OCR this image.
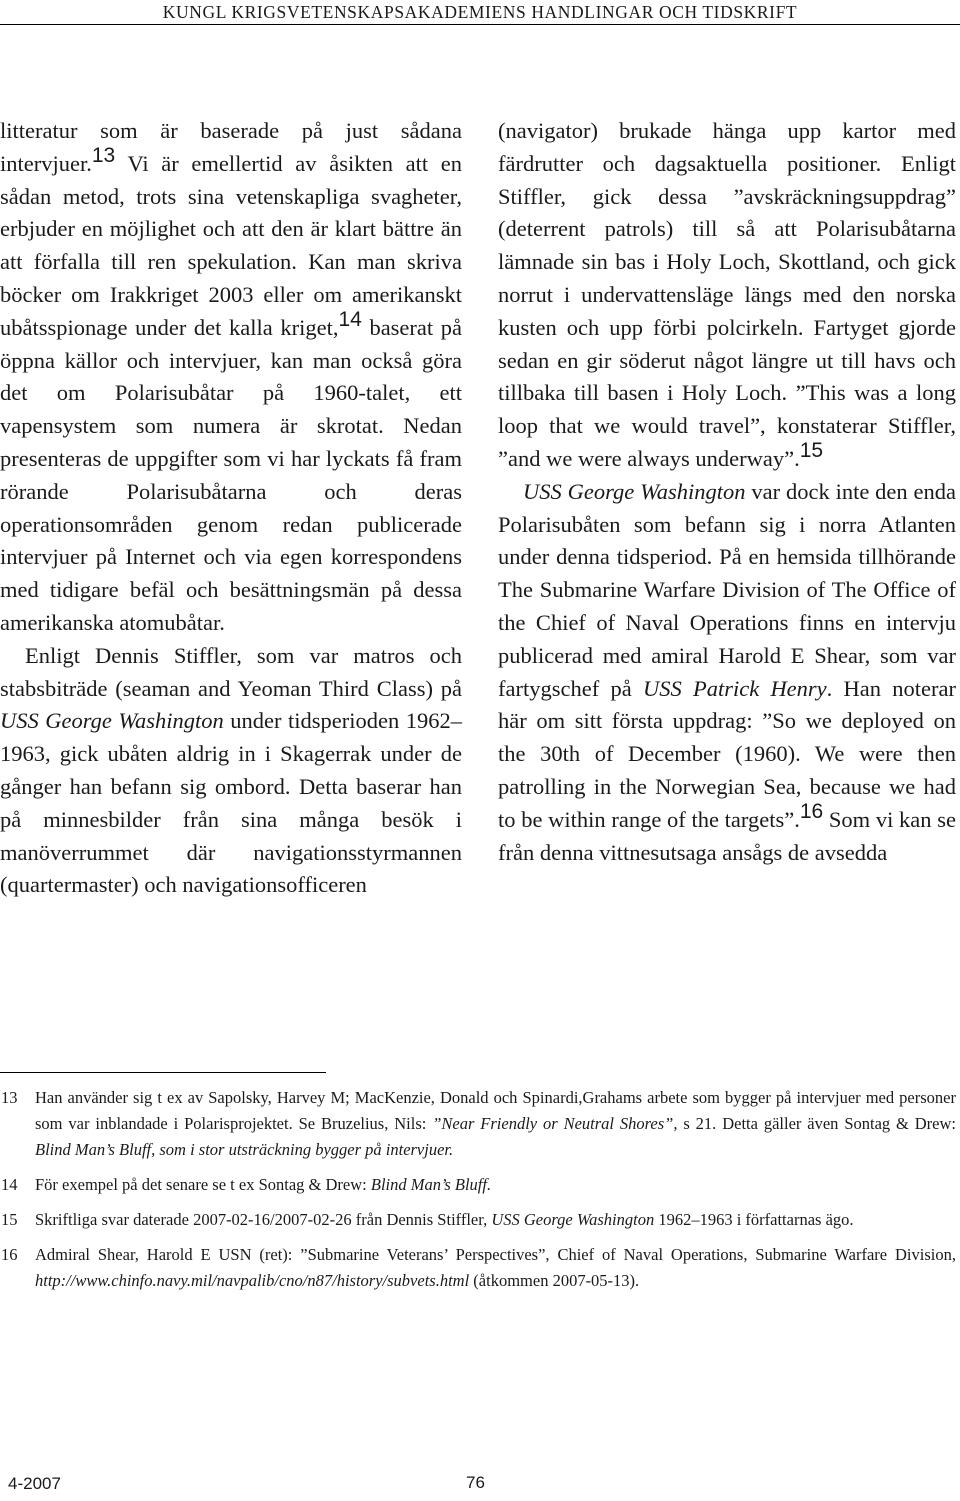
KUNGL KRIGSVETENSKAPSAKADEMIENS HANDLINGAR OCH TIDSKRIFT

litteratur som är baserade på just sådana intervjuer.$^{13}$ Vi är emellertid av åsikten att en sådan metod, trots sina vetenskapliga svagheter, erbjuder en möjlighet och att den är klart bättre än att förfalla till ren spekulation. Kan man skriva böcker om Irakkriget 2003 eller om amerikanskt ubåtsspionage under det kalla kriget,$^{14}$ baserat på öppna källor och intervjuer, kan man också göra det om Polarisubåtar på 1960-talet, ett vapensystem som numera är skrotat. Nedan presenteras de uppgifter som vi har lyckats få fram rörande Polarisubåtarna och deras operationsområden genom redan publicerade intervjuer på Internet och via egen korrespondens med tidigare befäl och besättningsmän på dessa amerikanska atomubåtar.

Enligt Dennis Stiffler, som var matros och stabsbiträde (seaman and Yeoman Third Class) på USS George Washington under tidsperioden 1962–1963, gick ubåten aldrig in i Skagerrak under de gånger han befann sig ombord. Detta baserar han på minnesbilder från sina många besök i manöverrummet där navigationsstyrmannen (quartermaster) och navigationsofficeren

(navigator) brukade hänga upp kartor med färdrutter och dagsaktuella positioner. Enligt Stiffler, gick dessa ”avskräckningsuppdrag” (deterrent patrols) till så att Polarisubåtarna lämnade sin bas i Holy Loch, Skottland, och gick norrut i undervattensläge längs med den norska kusten och upp förbi polcirkeln. Fartyget gjorde sedan en gir söderut något längre ut till havs och tillbaka till basen i Holy Loch. ”This was a long loop that we would travel”, konstaterar Stiffler, ”and we were always underway”.$^{15}$

USS George Washington var dock inte den enda Polarisubåten som befann sig i norra Atlanten under denna tidsperiod. På en hemsida tillhörande The Submarine Warfare Division of The Office of the Chief of Naval Operations finns en intervju publicerad med amiral Harold E Shear, som var fartygschef på USS Patrick Henry. Han noterar här om sitt första uppdrag: ”So we deployed on the 30th of December (1960). We were then patrolling in the Norwegian Sea, because we had to be within range of the targets”.$^{16}$ Som vi kan se från denna vittnesutsaga ansågs de avsedda

13	Han använder sig t ex av Sapolsky, Harvey M; MacKenzie, Donald och Spinardi,Grahams arbete som bygger på intervjuer med personer som var inblandade i Polarisprojektet. Se Bruzelius, Nils: ”Near Friendly or Neutral Shores”, s 21. Detta gäller även Sontag & Drew: Blind Man’s Bluff, som i stor utsträckning bygger på intervjuer.
14	För exempel på det senare se t ex Sontag & Drew: Blind Man’s Bluff.
15	Skriftliga svar daterade 2007-02-16/2007-02-26 från Dennis Stiffler, USS George Washington 1962–1963 i författarnas ägo.
16	Admiral Shear, Harold E USN (ret): ”Submarine Veterans’ Perspectives”, Chief of Naval Operations, Submarine Warfare Division, http://www.chinfo.navy.mil/navpalib/cno/n87/history/subvets.html (åtkommen 2007-05-13).
4-2007	76
